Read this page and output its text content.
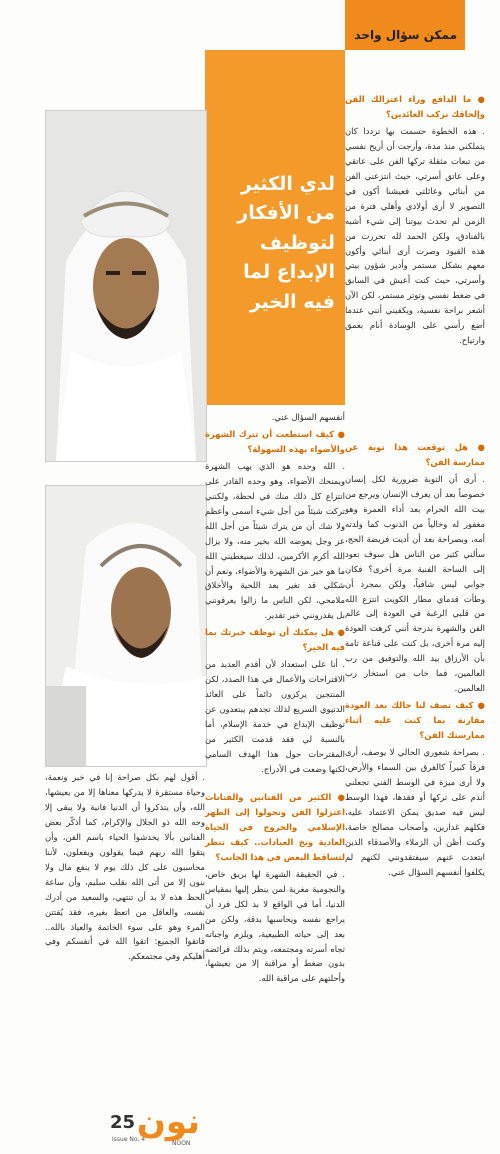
ممكن سؤال واحد
لدي الكثير من الأفكار لتوظيف الإبداع لما فيه الخير

● ما الدافع وراء اعتزالك الفن وإلحاقك بركب العائدين؟

. هذه الخطوة حسمت بها ترددا كان يتملكني منذ مدة، وأرجت أن أريح نفسي من تبعات مثقلة تركها الفن على عاتقي وعلى عاتق أسرتي، حيث انتزعني الفن من أبنائي وعائلتي فعيشنا أكون في التصوير لا أرى أولادي وأهلي فترة من الزمن لم تحدث بيوتنا إلى شيء أشبه بالفنادق، ولكن الحمد لله تحررت من هذه القيود وصرت أرى أبنائي وأكون معهم بشكل مستمر وأدير شؤون بيتي وأسرتي، حيث كنت أعيش في السابق في ضغط نفسي وتوتر مستمر، لكن الآن أشعر براحة نفسية، ويكفيني أنني عندما أضع رأسي على الوسادة أنام بعمق وارتياح.

● هل توقعت هذا توبة عن ممارسة الفن؟

. أرى أن التوبة ضرورية لكل إنسان خصوصاً بعد أن يعرف الإنسان ويرجع من بيت الله الحرام بعد أداء العمرة وهو مغفور له وخالياً من الذنوب كما ولدته أمه، وبصراحة بعد أن أديت فريضة الحج، سألني كثير من الناس هل سوف تعود إلى الساحة الفنية مرة أخرى؟ فكان جوابي ليس شافياً، ولكن بمجرد أن وطأت قدماي مطار الكويت انتزع الله من قلبي الرغبة في العودة إلى عالم الفن والشهرة بدرجة أنني كرهت العودة إليه مرة أخرى، بل كنت على قناعة تامة بأن الأرزاق بيد الله والتوفيق من رب العالمين، فما خاب من استخار رب العالمين.

● كيف تصف لنا حالك بعد العودة مقارنة بما كنت عليه أثناء ممارستك الفن؟

. بصراحة شعوري الحالي لا يوصف، أرى فرقاً كبيراً كالفرق بين السماء والأرض، ولا أرى ميزة في الوسط الفني تجعلني أندم على تركها أو فقدها، فهذا الوسط ليس فيه صديق يمكن الاعتماد عليه، فكلهم غدارين، وأصحاب مصالح خاصة، وكنت أظن أن الزملاء والأصدقاء الذين ابتعدت عنهم سيفتقدونني لكنهم لم يكلفوا أنفسهم السؤال عني.

أنفسهم السؤال عني.

● كيف استطعت أن تترك الشهرة والأضواء بهذه السهولة؟

. الله وحده هو الذي يهب الشهرة ويمنحك الأضواء، وهو وحده القادر على انتزاع كل ذلك منك في لحظة، ولكنني تركت شيئاً من أجل شيء أسمى وأعظم ولا شك أن من يترك شيئاً من أجل الله عز وجل يعوضه الله بخير منه، ولا يزال الله أكرم الأكرمين، لذلك سيعطيني الله ما هو خير من الشهرة والأضواء، ونعم أن شكلي قد تغير بعد اللحية والأخلاق ملامحي، لكن الناس ما زالوا يعرفونني بل يقدرونني خير تقدير.

● هل يمكنك أن توظف خبرتك بما فيه الخير؟

. أنا على استعداد لأن أقدم العديد من الاقتراحات والأعمال في هذا الصدد، لكن المنتجين يركزون دائماً على العائد الدنيوي السريع لذلك تجدهم يبتعدون عن توظيف الإبداع في خدمة الإسلام، أما بالنسبة لي فقد قدمت الكثير من المقترحات حول هذا الهدف السامي لكنها وضعت في الأدراج.

● الكثير من الفنانين والفنانات اعتزلوا الفن وتحولوا إلى الطهر الإسلامي والخروج في الحياة العادية وبخ العبادات.. كيف تنظر لتساقط البعض في هذا الجانب؟

. في الحقيقة الشهرة لها بريق خاص، والنجومية مغرية لمن ينظر إليها بمقياس الدنيا، أما في الواقع لا بد لكل فرد أن يراجع نفسه ويحاسبها بدقة، ولكن من بعد إلى حياته الطبيعية، ويلزم واجباته تجاه أسرته ومجتمعه، ويتم بذلك فرائضه بدون ضغط أو مراقبة إلا من يعيشها، وأحلتهم على مراقبة الله.

. أقول لهم بكل صراحة إنا في خير ونعمة، وحياة مستقرة لا يدركها معناها إلا من يعيشها، الله، وأن يتذكروا أن الدنيا فانية ولا يبقى إلا وجه الله ذو الجلال والإكرام، كما أذكّر بعض الفنانين بألا يخدشوا الحياء باسم الفن، وأن يتقوا الله ربهم فيما يقولون ويفعلون، لأننا محاسبون على كل ذلك يوم لا ينفع مال ولا بنون إلا من أتى الله بقلب سليم، وأن ساعة الحظ هذه لا بد أن تنتهي، والسعيد من أدرك نفسه، والعاقل من اتعظ بغيره، فقد يُفتتن المرء وهو على سوء الخاتمة والعياذ بالله.. فاتقوا الجميع: اتقوا الله في أنفسكم وفي أهليكم وفي مجتمعكم.

25
Issue No. 4
نون
NOON
